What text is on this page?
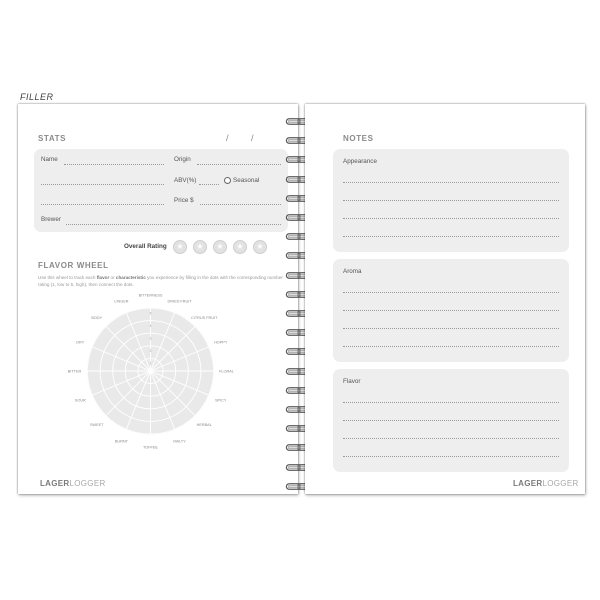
FILLER
STATS	/ /
Name	Origin
ABV(%)	Seasonal
Price $
Brewer
Overall Rating	★	★	★	★	★
FLAVOR WHEEL
Use this wheel to track each flavor or characteristic you experience by filling in the dots with the corresponding number rating (1, low to 5, high), then connect the dots.
5
4
3
2
1
BITTERNESS
DRIED FRUIT
CITRUS FRUIT
HOPPY
FLORAL
SPICY
HERBAL
MALTY
TOFFEE
BURNT
SWEET
SOUR
BITTER
DRY
BODY
LINGER
LAGERLOGGER
NOTES
Appearance
Aroma
Flavor
LAGERLOGGER
